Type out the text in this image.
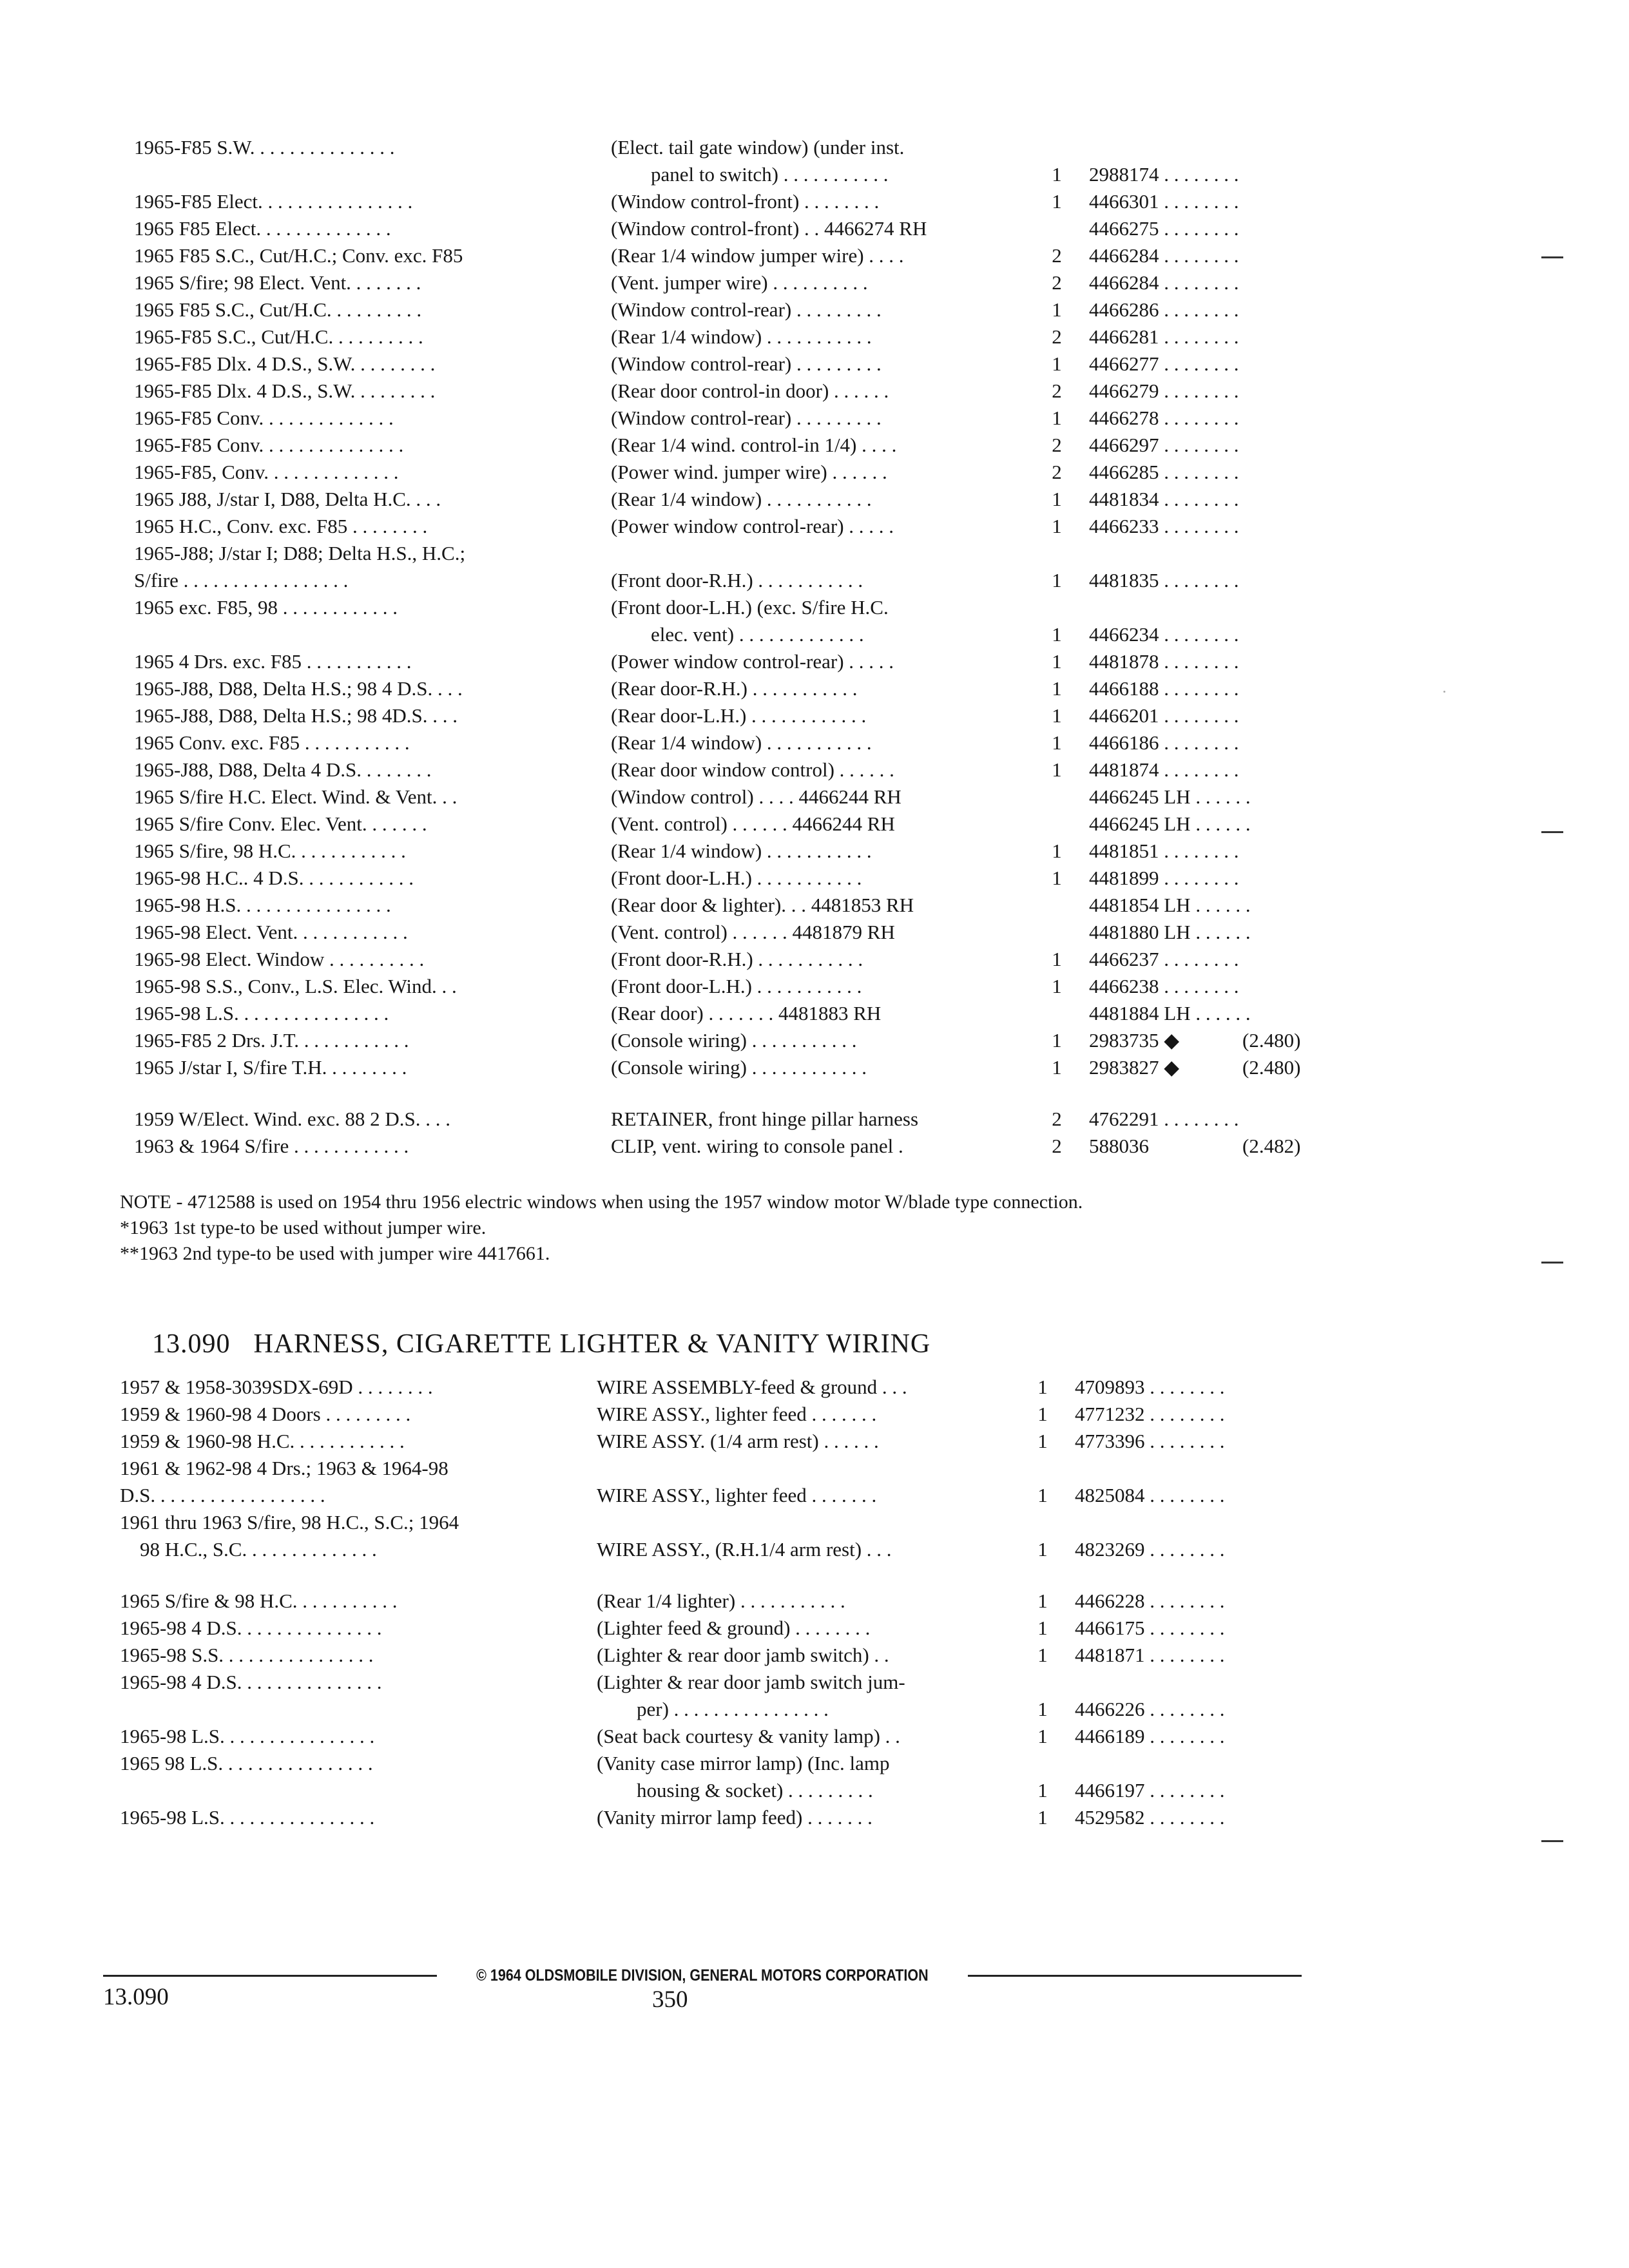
1965-F85 S.W. . . . . . . . . . . . . . .	(Elect. tail gate window) (under inst.
panel to switch) . . . . . . . . . . .	1	2988174 . . . . . . . .
1965-F85 Elect. . . . . . . . . . . . . . . .	(Window control-front) . . . . . . . .	1	4466301 . . . . . . . .
1965 F85 Elect. . . . . . . . . . . . . .	(Window control-front) . . 4466274 RH	4466275 . . . . . . . .
1965 F85 S.C., Cut/H.C.; Conv. exc. F85	(Rear 1/4 window jumper wire) . . . .	2	4466284 . . . . . . . .
1965 S/fire; 98 Elect. Vent. . . . . . . .	(Vent. jumper wire) . . . . . . . . . .	2	4466284 . . . . . . . .
1965 F85 S.C., Cut/H.C. . . . . . . . . .	(Window control-rear) . . . . . . . . .	1	4466286 . . . . . . . .
1965-F85 S.C., Cut/H.C. . . . . . . . . .	(Rear 1/4 window) . . . . . . . . . . .	2	4466281 . . . . . . . .
1965-F85 Dlx. 4 D.S., S.W. . . . . . . . .	(Window control-rear) . . . . . . . . .	1	4466277 . . . . . . . .
1965-F85 Dlx. 4 D.S., S.W. . . . . . . . .	(Rear door control-in door) . . . . . .	2	4466279 . . . . . . . .
1965-F85 Conv. . . . . . . . . . . . . .	(Window control-rear) . . . . . . . . .	1	4466278 . . . . . . . .
1965-F85 Conv. . . . . . . . . . . . . . .	(Rear 1/4 wind. control-in 1/4) . . . .	2	4466297 . . . . . . . .
1965-F85, Conv. . . . . . . . . . . . . .	(Power wind. jumper wire) . . . . . .	2	4466285 . . . . . . . .
1965 J88, J/star I, D88, Delta H.C. . . .	(Rear 1/4 window) . . . . . . . . . . .	1	4481834 . . . . . . . .
1965 H.C., Conv. exc. F85 . . . . . . . .	(Power window control-rear) . . . . .	1	4466233 . . . . . . . .
1965-J88; J/star I; D88; Delta H.S., H.C.;
S/fire . . . . . . . . . . . . . . . . .
	(Front door-R.H.) . . . . . . . . . . .	1	4481835 . . . . . . . .
1965 exc. F85, 98 . . . . . . . . . . . .	(Front door-L.H.) (exc. S/fire H.C.
elec. vent) . . . . . . . . . . . . .	1	4466234 . . . . . . . .
1965 4 Drs. exc. F85 . . . . . . . . . . .	(Power window control-rear) . . . . .	1	4481878 . . . . . . . .
1965-J88, D88, Delta H.S.; 98 4 D.S. . . .	(Rear door-R.H.) . . . . . . . . . . .	1	4466188 . . . . . . . .
1965-J88, D88, Delta H.S.; 98 4D.S. . . .	(Rear door-L.H.) . . . . . . . . . . . .	1	4466201 . . . . . . . .
1965 Conv. exc. F85 . . . . . . . . . . .	(Rear 1/4 window) . . . . . . . . . . .	1	4466186 . . . . . . . .
1965-J88, D88, Delta 4 D.S. . . . . . . .	(Rear door window control) . . . . . .	1	4481874 . . . . . . . .
1965 S/fire H.C. Elect. Wind. & Vent. . .	(Window control) . . . . 4466244 RH	4466245 LH . . . . . .
1965 S/fire Conv. Elec. Vent. . . . . . .	(Vent. control) . . . . . . 4466244 RH	4466245 LH . . . . . .
1965 S/fire, 98 H.C. . . . . . . . . . . .	(Rear 1/4 window) . . . . . . . . . . .	1	4481851 . . . . . . . .
1965-98 H.C.. 4 D.S. . . . . . . . . . . .	(Front door-L.H.) . . . . . . . . . . .	1	4481899 . . . . . . . .
1965-98 H.S. . . . . . . . . . . . . . . .	(Rear door & lighter). . . 4481853 RH	4481854 LH . . . . . .
1965-98 Elect. Vent. . . . . . . . . . . .	(Vent. control) . . . . . . 4481879 RH	4481880 LH . . . . . .
1965-98 Elect. Window . . . . . . . . . .	(Front door-R.H.) . . . . . . . . . . .	1	4466237 . . . . . . . .
1965-98 S.S., Conv., L.S. Elec. Wind. . .	(Front door-L.H.) . . . . . . . . . . .	1	4466238 . . . . . . . .
1965-98 L.S. . . . . . . . . . . . . . . .	(Rear door) . . . . . . . 4481883 RH	4481884 LH . . . . . .
1965-F85 2 Drs. J.T. . . . . . . . . . . .	(Console wiring) . . . . . . . . . . .	1	2983735 ◆	(2.480)
1965 J/star I, S/fire T.H. . . . . . . . .	(Console wiring) . . . . . . . . . . . .	1	2983827 ◆	(2.480)
1959 W/Elect. Wind. exc. 88 2 D.S. . . .	RETAINER, front hinge pillar harness	2	4762291 . . . . . . . .
1963 & 1964 S/fire . . . . . . . . . . . .	CLIP, vent. wiring to console panel .	2	588036	(2.482)
NOTE - 4712588 is used on 1954 thru 1956 electric windows when using the 1957 window motor W/blade type connection.
*1963 1st type-to be used without jumper wire.
**1963 2nd type-to be used with jumper wire 4417661.
13.090 HARNESS, CIGARETTE LIGHTER & VANITY WIRING
1957 & 1958-3039SDX-69D . . . . . . . .	WIRE ASSEMBLY-feed & ground . . .	1	4709893 . . . . . . . .
1959 & 1960-98 4 Doors . . . . . . . . .	WIRE ASSY., lighter feed . . . . . . .	1	4771232 . . . . . . . .
1959 & 1960-98 H.C. . . . . . . . . . . .	WIRE ASSY. (1/4 arm rest) . . . . . .	1	4773396 . . . . . . . .
1961 & 1962-98 4 Drs.; 1963 & 1964-98
D.S. . . . . . . . . . . . . . . . . .
	WIRE ASSY., lighter feed . . . . . . .	1	4825084 . . . . . . . .
1961 thru 1963 S/fire, 98 H.C., S.C.; 1964
98 H.C., S.C. . . . . . . . . . . . . .
	WIRE ASSY., (R.H.1/4 arm rest) . . .	1	4823269 . . . . . . . .
1965 S/fire & 98 H.C. . . . . . . . . . .	(Rear 1/4 lighter) . . . . . . . . . . .	1	4466228 . . . . . . . .
1965-98 4 D.S. . . . . . . . . . . . . . .	(Lighter feed & ground) . . . . . . . .	1	4466175 . . . . . . . .
1965-98 S.S. . . . . . . . . . . . . . . .	(Lighter & rear door jamb switch) . .	1	4481871 . . . . . . . .
1965-98 4 D.S. . . . . . . . . . . . . . .	(Lighter & rear door jamb switch jum-
per) . . . . . . . . . . . . . . . .	1	4466226 . . . . . . . .
1965-98 L.S. . . . . . . . . . . . . . . .	(Seat back courtesy & vanity lamp) . .	1	4466189 . . . . . . . .
1965 98 L.S. . . . . . . . . . . . . . . .	(Vanity case mirror lamp) (Inc. lamp
housing & socket) . . . . . . . . .	1	4466197 . . . . . . . .
1965-98 L.S. . . . . . . . . . . . . . . .	(Vanity mirror lamp feed) . . . . . . .	1	4529582 . . . . . . . .
© 1964 OLDSMOBILE DIVISION, GENERAL MOTORS CORPORATION
13.090	350
